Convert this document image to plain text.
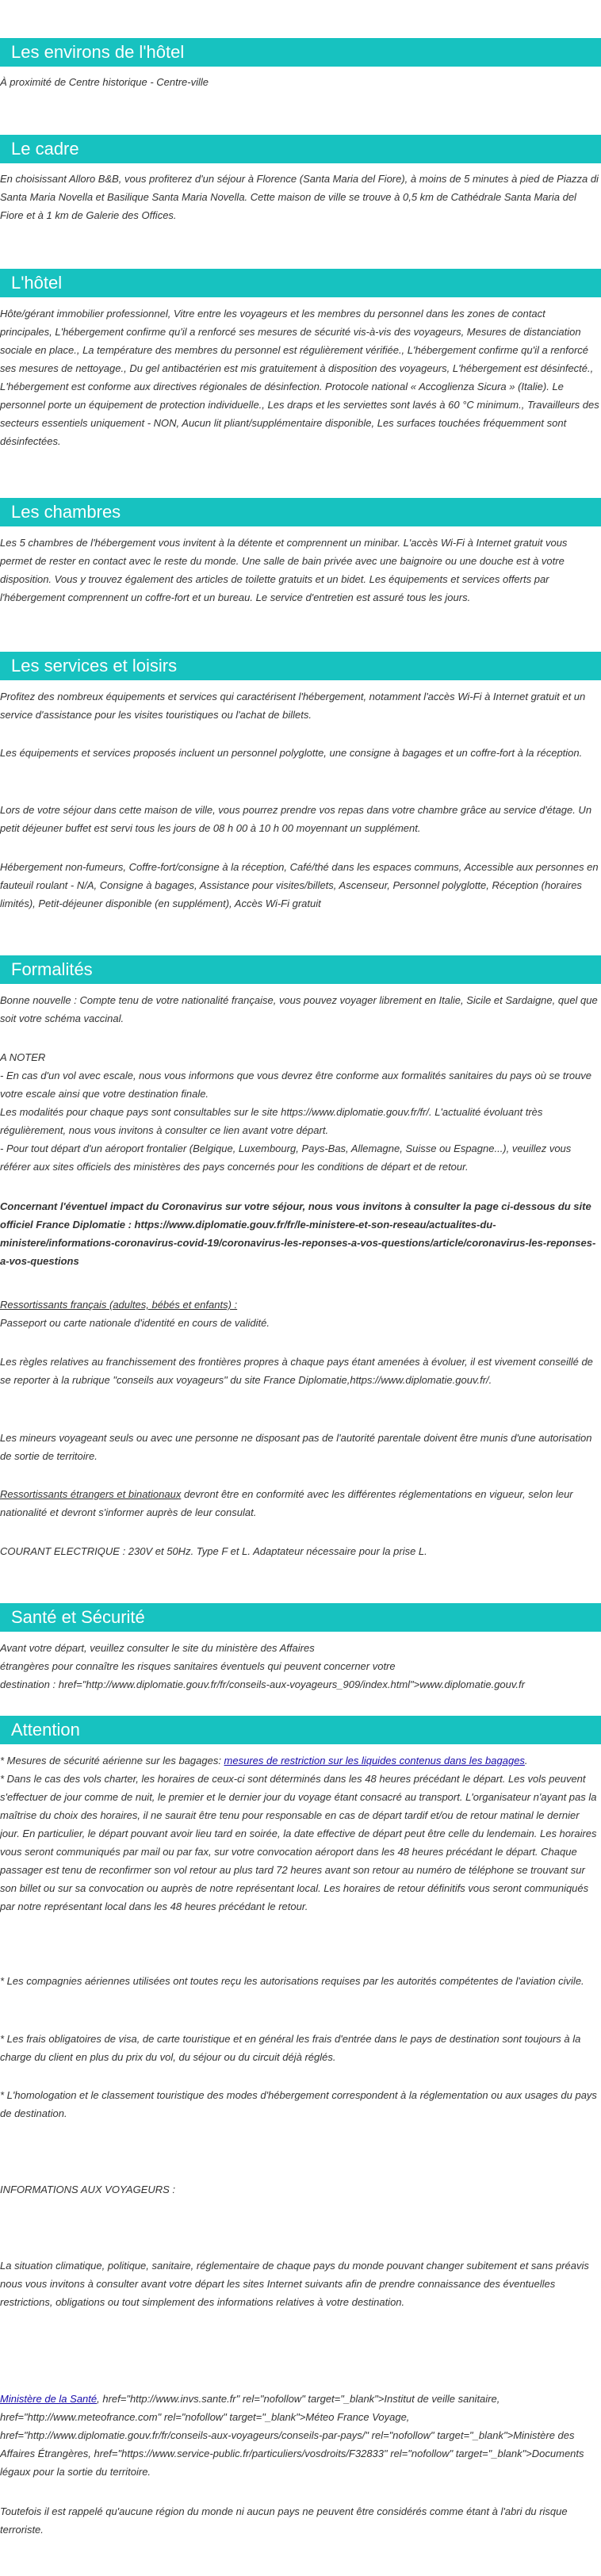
Les environs de l'hôtel
À proximité de Centre historique - Centre-ville
Le cadre
En choisissant Alloro B&B, vous profiterez d'un séjour à Florence (Santa Maria del Fiore), à moins de 5 minutes à pied de Piazza di Santa Maria Novella et Basilique Santa Maria Novella. Cette maison de ville se trouve à 0,5 km de Cathédrale Santa Maria del Fiore et à 1 km de Galerie des Offices.
L'hôtel
Hôte/gérant immobilier professionnel, Vitre entre les voyageurs et les membres du personnel dans les zones de contact principales, L'hébergement confirme qu'il a renforcé ses mesures de sécurité vis-à-vis des voyageurs, Mesures de distanciation sociale en place., La température des membres du personnel est régulièrement vérifiée., L'hébergement confirme qu'il a renforcé ses mesures de nettoyage., Du gel antibactérien est mis gratuitement à disposition des voyageurs, L'hébergement est désinfecté., L'hébergement est conforme aux directives régionales de désinfection. Protocole national « Accoglienza Sicura » (Italie). Le personnel porte un équipement de protection individuelle., Les draps et les serviettes sont lavés à 60 °C minimum., Travailleurs des secteurs essentiels uniquement - NON, Aucun lit pliant/supplémentaire disponible, Les surfaces touchées fréquemment sont désinfectées.
Les chambres
Les 5 chambres de l'hébergement vous invitent à la détente et comprennent un minibar. L'accès Wi-Fi à Internet gratuit vous permet de rester en contact avec le reste du monde. Une salle de bain privée avec une baignoire ou une douche est à votre disposition. Vous y trouvez également des articles de toilette gratuits et un bidet. Les équipements et services offerts par l'hébergement comprennent un coffre-fort et un bureau. Le service d'entretien est assuré tous les jours.
Les services et loisirs
Profitez des nombreux équipements et services qui caractérisent l'hébergement, notamment l'accès Wi-Fi à Internet gratuit et un service d'assistance pour les visites touristiques ou l'achat de billets.
Les équipements et services proposés incluent un personnel polyglotte, une consigne à bagages et un coffre-fort à la réception.
Lors de votre séjour dans cette maison de ville, vous pourrez prendre vos repas dans votre chambre grâce au service d'étage. Un petit déjeuner buffet est servi tous les jours de 08 h 00 à 10 h 00 moyennant un supplément.
Hébergement non-fumeurs, Coffre-fort/consigne à la réception, Café/thé dans les espaces communs, Accessible aux personnes en fauteuil roulant - N/A, Consigne à bagages, Assistance pour visites/billets, Ascenseur, Personnel polyglotte, Réception (horaires limités), Petit-déjeuner disponible (en supplément), Accès Wi-Fi gratuit
Formalités
Bonne nouvelle : Compte tenu de votre nationalité française, vous pouvez voyager librement en Italie, Sicile et Sardaigne, quel que soit votre schéma vaccinal.
A NOTER
- En cas d'un vol avec escale, nous vous informons que vous devrez être conforme aux formalités sanitaires du pays où se trouve votre escale ainsi que votre destination finale.
Les modalités pour chaque pays sont consultables sur le site https://www.diplomatie.gouv.fr/fr/. L'actualité évoluant très régulièrement, nous vous invitons à consulter ce lien avant votre départ.
- Pour tout départ d'un aéroport frontalier (Belgique, Luxembourg, Pays-Bas, Allemagne, Suisse ou Espagne...), veuillez vous référer aux sites officiels des ministères des pays concernés pour les conditions de départ et de retour.
Concernant l'éventuel impact du Coronavirus sur votre séjour, nous vous invitons à consulter la page ci-dessous du site officiel France Diplomatie : https://www.diplomatie.gouv.fr/fr/le-ministere-et-son-reseau/actualites-du-ministere/informations-coronavirus-covid-19/coronavirus-les-reponses-a-vos-questions/article/coronavirus-les-reponses-a-vos-questions
Ressortissants français (adultes, bébés et enfants) :
Passeport ou carte nationale d'identité en cours de validité.
Les règles relatives au franchissement des frontières propres à chaque pays étant amenées à évoluer, il est vivement conseillé de se reporter à la rubrique "conseils aux voyageurs" du site France Diplomatie,https://www.diplomatie.gouv.fr/.
Les mineurs voyageant seuls ou avec une personne ne disposant pas de l'autorité parentale doivent être munis d'une autorisation de sortie de territoire.
Ressortissants étrangers et binationaux devront être en conformité avec les différentes réglementations en vigueur, selon leur nationalité et devront s'informer auprès de leur consulat.
COURANT ELECTRIQUE : 230V et 50Hz. Type F et L. Adaptateur nécessaire pour la prise L.
Santé et Sécurité
Avant votre départ, veuillez consulter le site du ministère des Affaires
étrangères pour connaître les risques sanitaires éventuels qui peuvent concerner votre
destination : href="http://www.diplomatie.gouv.fr/fr/conseils-aux-voyageurs_909/index.html">www.diplomatie.gouv.fr
Attention
* Mesures de sécurité aérienne sur les bagages: mesures de restriction sur les liquides contenus dans les bagages.
* Dans le cas des vols charter, les horaires de ceux-ci sont déterminés dans les 48 heures précédant le départ. Les vols peuvent s'effectuer de jour comme de nuit, le premier et le dernier jour du voyage étant consacré au transport. L'organisateur n'ayant pas la maîtrise du choix des horaires, il ne saurait être tenu pour responsable en cas de départ tardif et/ou de retour matinal le dernier jour. En particulier, le départ pouvant avoir lieu tard en soirée, la date effective de départ peut être celle du lendemain. Les horaires vous seront communiqués par mail ou par fax, sur votre convocation aéroport dans les 48 heures précédant le départ. Chaque passager est tenu de reconfirmer son vol retour au plus tard 72 heures avant son retour au numéro de téléphone se trouvant sur son billet ou sur sa convocation ou auprès de notre représentant local. Les horaires de retour définitifs vous seront communiqués par notre représentant local dans les 48 heures précédant le retour.
* Les compagnies aériennes utilisées ont toutes reçu les autorisations requises par les autorités compétentes de l'aviation civile.
* Les frais obligatoires de visa, de carte touristique et en général les frais d'entrée dans le pays de destination sont toujours à la charge du client en plus du prix du vol, du séjour ou du circuit déjà réglés.
* L'homologation et le classement touristique des modes d'hébergement correspondent à la réglementation ou aux usages du pays de destination.
INFORMATIONS AUX VOYAGEURS :
La situation climatique, politique, sanitaire, réglementaire de chaque pays du monde pouvant changer subitement et sans préavis
nous vous invitons à consulter avant votre départ les sites Internet suivants afin de prendre connaissance des éventuelles restrictions, obligations ou tout simplement des informations relatives à votre destination.
Ministère de la Santé, href="http://www.invs.sante.fr" rel="nofollow" target="_blank">Institut de veille sanitaire, href="http://www.meteofrance.com" rel="nofollow" target="_blank">Méteo France Voyage, href="http://www.diplomatie.gouv.fr/fr/conseils-aux-voyageurs/conseils-par-pays/" rel="nofollow" target="_blank">Ministère des Affaires Étrangères, href="https://www.service-public.fr/particuliers/vosdroits/F32833" rel="nofollow" target="_blank">Documents légaux pour la sortie du territoire.
Toutefois il est rappelé qu'aucune région du monde ni aucun pays ne peuvent être considérés comme étant à l'abri du risque terroriste.
